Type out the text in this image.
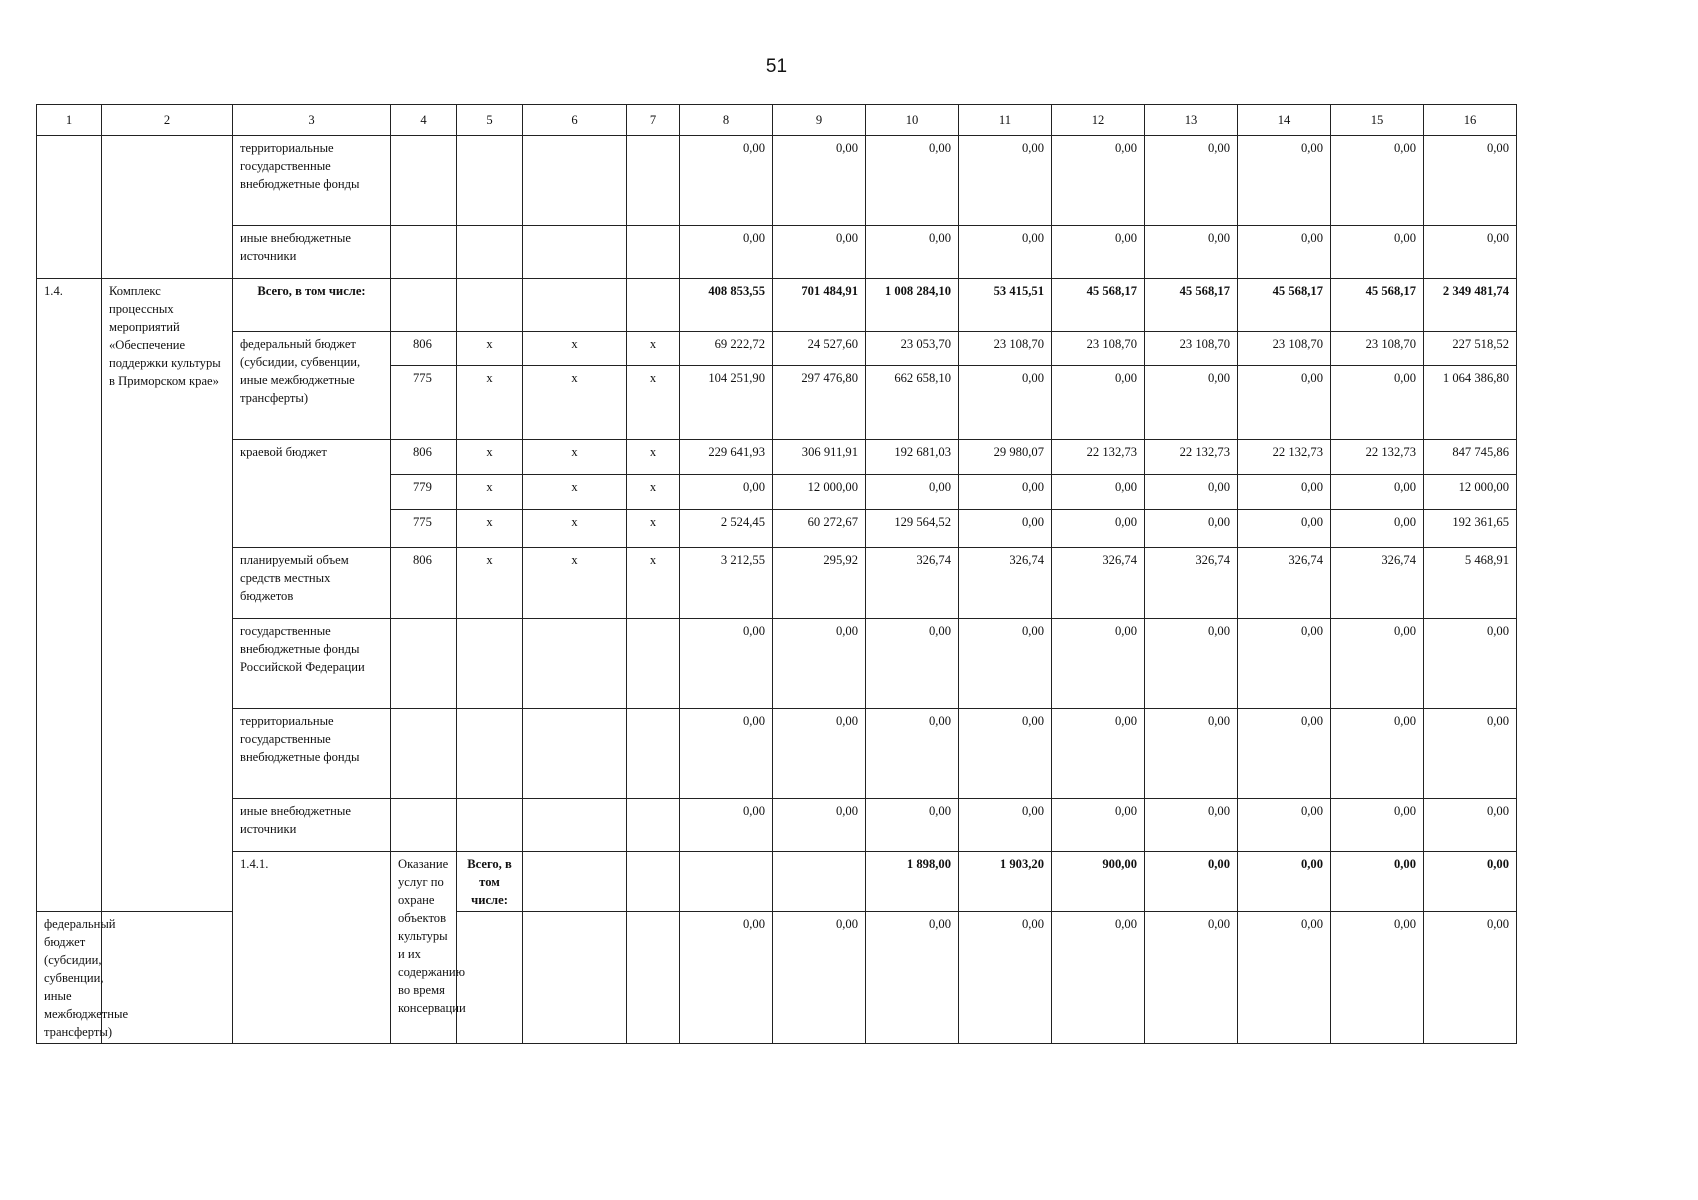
51
1	2	3	4	5	6	7	8	9	10	11	12	13	14	15	16	
		территориальные государственные внебюджетные фонды					0,00	0,00	0,00	0,00	0,00	0,00	0,00	0,00	0,00	
		иные внебюджетные источники					0,00	0,00	0,00	0,00	0,00	0,00	0,00	0,00	0,00	
1.4.	Комплекс процессных мероприятий «Обеспечение поддержки культуры в Приморском крае»	Всего, в том числе:					408 853,55	701 484,91	1 008 284,10	53 415,51	45 568,17	45 568,17	45 568,17	45 568,17	2 349 481,74	
		федеральный бюджет (субсидии, субвенции, иные межбюджетные трансферты)	806	х	х	х	69 222,72	24 527,60	23 053,70	23 108,70	23 108,70	23 108,70	23 108,70	23 108,70	227 518,52	
			775	х	х	х	104 251,90	297 476,80	662 658,10	0,00	0,00	0,00	0,00	0,00	1 064 386,80	
		краевой бюджет	806	х	х	х	229 641,93	306 911,91	192 681,03	29 980,07	22 132,73	22 132,73	22 132,73	22 132,73	847 745,86	
			779	х	х	х	0,00	12 000,00	0,00	0,00	0,00	0,00	0,00	0,00	12 000,00	
			775	х	х	х	2 524,45	60 272,67	129 564,52	0,00	0,00	0,00	0,00	0,00	192 361,65	
		планируемый объем средств местных бюджетов	806	х	х	х	3 212,55	295,92	326,74	326,74	326,74	326,74	326,74	326,74	5 468,91	
		государственные внебюджетные фонды Российской Федерации					0,00	0,00	0,00	0,00	0,00	0,00	0,00	0,00	0,00	
		территориальные государственные внебюджетные фонды					0,00	0,00	0,00	0,00	0,00	0,00	0,00	0,00	0,00	
		иные внебюджетные источники					0,00	0,00	0,00	0,00	0,00	0,00	0,00	0,00	0,00	
		1.4.1.	Оказание услуг по охране объектов культуры и их содержанию во время консервации	Всего, в том числе:					1 898,00	1 903,20	900,00	0,00	0,00	0,00	0,00		
федеральный бюджет (субсидии, субвенции, иные межбюджетные трансферты)							0,00	0,00	0,00	0,00	0,00	0,00	0,00	0,00	0,00	
